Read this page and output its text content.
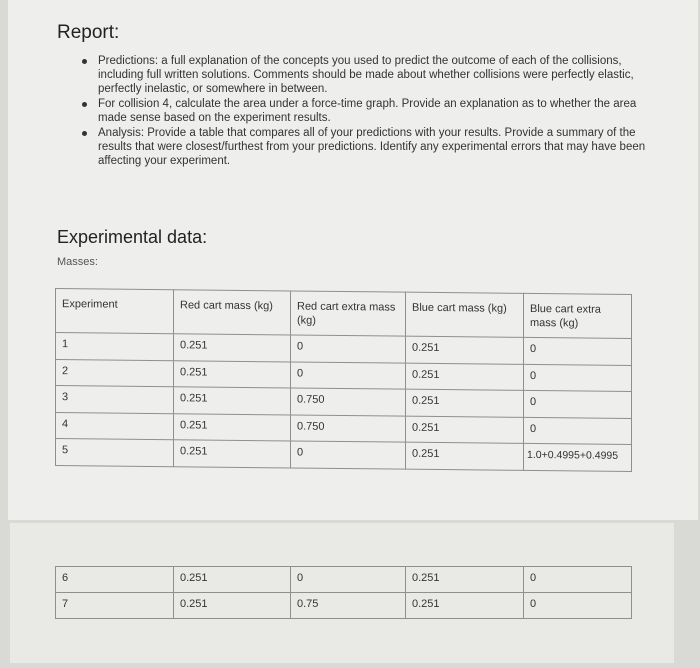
Report:
Predictions: a full explanation of the concepts you used to predict the outcome of each of the collisions, including full written solutions. Comments should be made about whether collisions were perfectly elastic, perfectly inelastic, or somewhere in between.
For collision 4, calculate the area under a force-time graph. Provide an explanation as to whether the area made sense based on the experiment results.
Analysis: Provide a table that compares all of your predictions with your results. Provide a summary of the results that were closest/furthest from your predictions. Identify any experimental errors that may have been affecting your experiment.
Experimental data:
Masses:
Experiment	Red cart mass (kg)	Red cart extra mass (kg)	Blue cart mass (kg)	Blue cart extra mass (kg)
1	0.251	0	0.251	0
2	0.251	0	0.251	0
3	0.251	0.750	0.251	0
4	0.251	0.750	0.251	0
5	0.251	0	0.251	1.0+0.4995+0.4995
6	0.251	0	0.251	0
7	0.251	0.75	0.251	0
